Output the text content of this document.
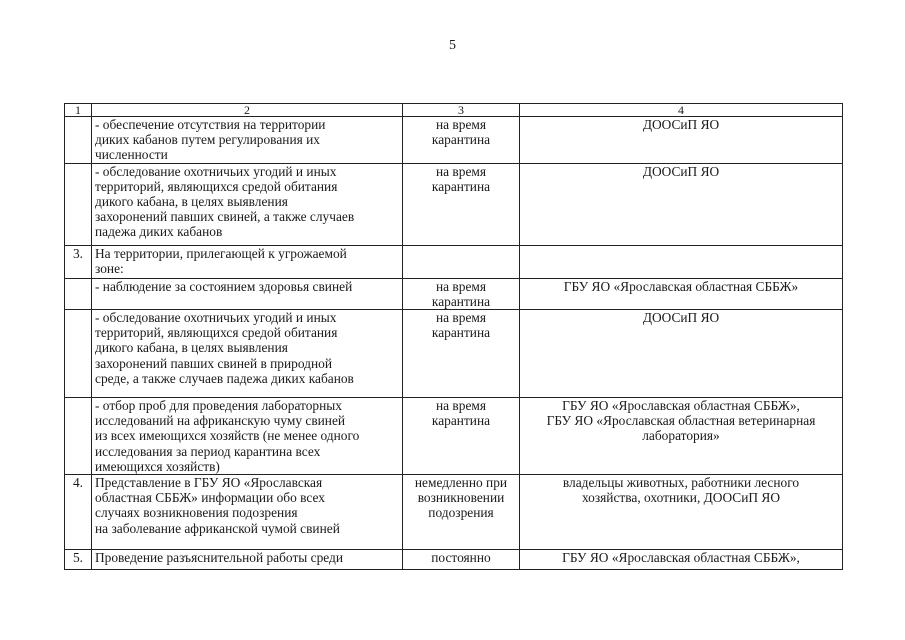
5
1	2	3	4

	- обеспечение отсутствия на территории
диких кабанов путем регулирования их
численности	на время
карантина	ДООСиП ЯО

	- обследование охотничьих угодий и иных
территорий, являющихся средой обитания
дикого кабана, в целях выявления
захоронений павших свиней, а также случаев
падежа диких кабанов	на время
карантина	ДООСиП ЯО

3.	На территории, прилегающей к угрожаемой
зоне:		

	- наблюдение за состоянием здоровья свиней	на время
карантина	ГБУ ЯО «Ярославская областная СББЖ»

	- обследование охотничьих угодий и иных
территорий, являющихся средой обитания
дикого кабана, в целях выявления
захоронений павших свиней в природной
среде, а также случаев падежа диких кабанов	на время
карантина	ДООСиП ЯО

	- отбор проб для проведения лабораторных
исследований на африканскую чуму свиней
из всех имеющихся хозяйств (не менее одного
исследования за период карантина всех
имеющихся хозяйств)	на время
карантина	ГБУ ЯО «Ярославская областная СББЖ»,
ГБУ ЯО «Ярославская областная ветеринарная
лаборатория»

4.	Представление в ГБУ ЯО «Ярославская
областная СББЖ» информации обо всех
случаях возникновения подозрения
на заболевание африканской чумой свиней	немедленно при
возникновении
подозрения	владельцы животных, работники лесного
хозяйства, охотники, ДООСиП ЯО

5.	Проведение разъяснительной работы среди	постоянно	ГБУ ЯО «Ярославская областная СББЖ»,
